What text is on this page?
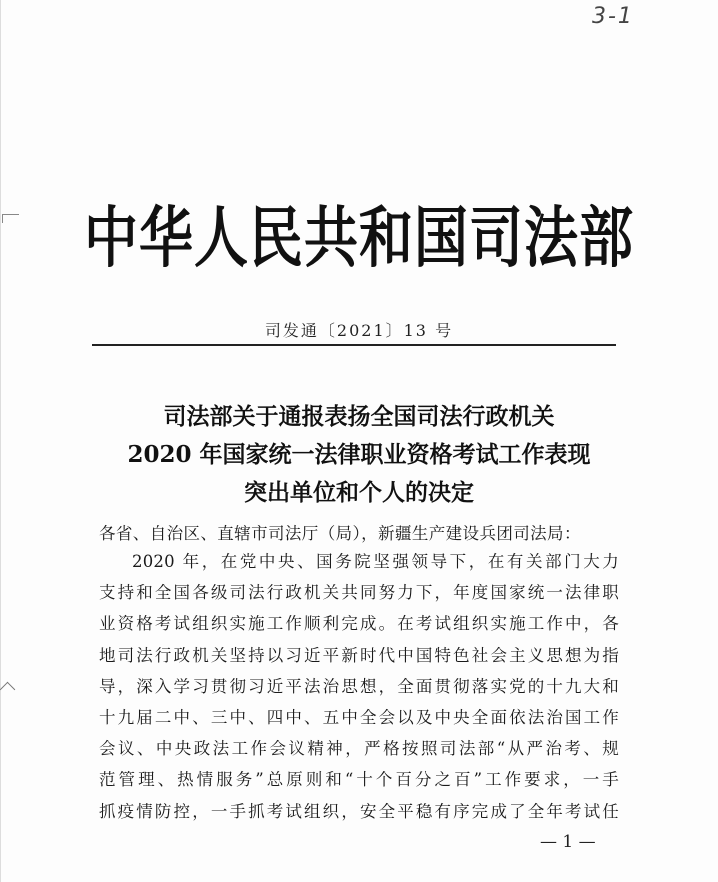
3-1
中华人民共和国司法部
司发通〔2021〕13 号
司法部关于通报表扬全国司法行政机关
2020 年国家统一法律职业资格考试工作表现
突出单位和个人的决定
各省、自治区、直辖市司法厅（局），新疆生产建设兵团司法局：
2020 年，在党中央、国务院坚强领导下，在有关部门大力
支持和全国各级司法行政机关共同努力下，年度国家统一法律职
业资格考试组织实施工作顺利完成。在考试组织实施工作中，各
地司法行政机关坚持以习近平新时代中国特色社会主义思想为指
导，深入学习贯彻习近平法治思想，全面贯彻落实党的十九大和
十九届二中、三中、四中、五中全会以及中央全面依法治国工作
会议、中央政法工作会议精神，严格按照司法部“从严治考、规
范管理、热情服务”总原则和“十个百分之百”工作要求，一手
抓疫情防控，一手抓考试组织，安全平稳有序完成了全年考试任
— 1 —
